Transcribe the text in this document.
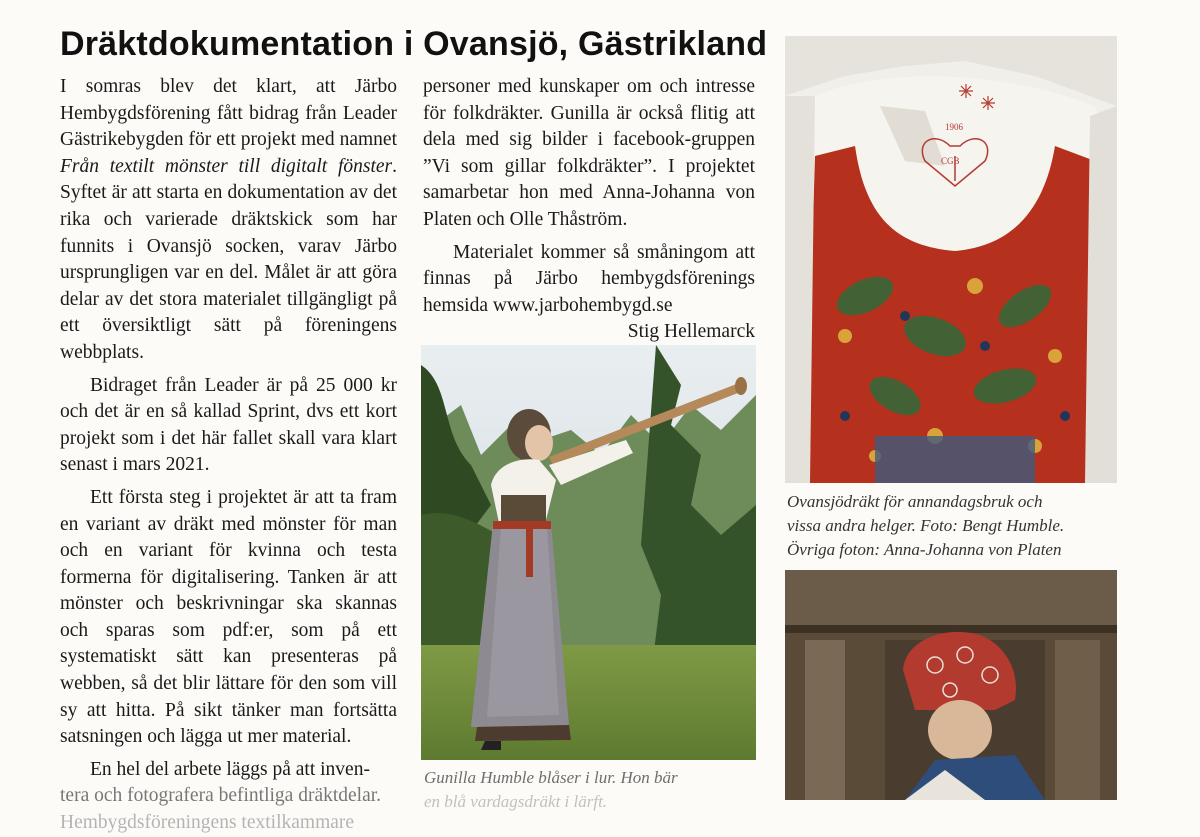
Dräktdokumentation i Ovansjö, Gästrikland

I somras blev det klart, att Järbo Hembygdsförening fått bidrag från Leader Gästrikebygden för ett projekt med namnet Från textilt mönster till digitalt fönster. Syftet är att starta en dokumentation av det rika och varierade dräktskick som har funnits i Ovansjö socken, varav Järbo ursprungligen var en del. Målet är att göra delar av det stora materialet tillgängligt på ett översiktligt sätt på föreningens webbplats.

Bidraget från Leader är på 25 000 kr och det är en så kallad Sprint, dvs ett kort projekt som i det här fallet skall vara klart senast i mars 2021.

Ett första steg i projektet är att ta fram en variant av dräkt med mönster för man och en variant för kvinna och testa formerna för digitalisering. Tanken är att mönster och beskrivningar ska skannas och sparas som pdf:er, som på ett systematiskt sätt kan presenteras på webben, så det blir lättare för den som vill sy att hitta. På sikt tänker man fortsätta satsningen och lägga ut mer material.

En hel del arbete läggs på att inven-
tera och fotografera befintliga dräktdelar.
Hembygdsföreningens textilkammare

personer med kunskaper om och intresse för folkdräkter. Gunilla är också flitig att dela med sig bilder i facebook-gruppen ”Vi som gillar folkdräkter”. I projektet samarbetar hon med Anna-Johanna von Platen och Olle Thåström.

Materialet kommer så småningom att finnas på Järbo hembygdsförenings hemsida www.jarbohembygd.se

Stig Hellemarck

Gunilla Humble blåser i lur. Hon bär
en blå vardagsdräkt i lärft.
1906
CGB
Ovansjödräkt för annandagsbruk och
vissa andra helger. Foto: Bengt Humble.
Övriga foton: Anna-Johanna von Platen
